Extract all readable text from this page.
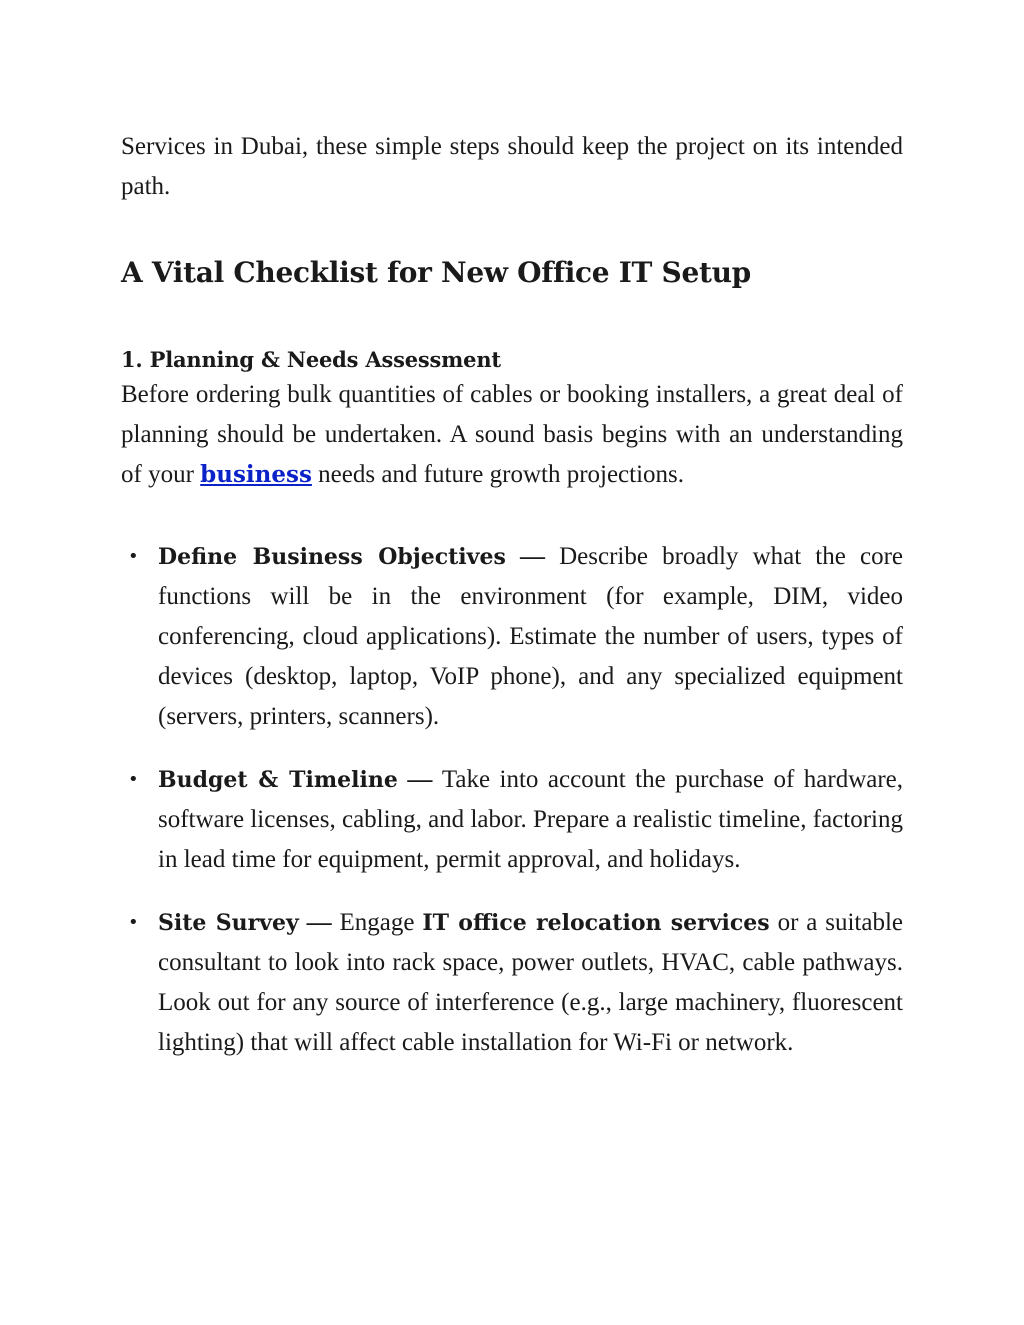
Services in Dubai, these simple steps should keep the project on its intended path.

A Vital Checklist for New Office IT Setup
1. Planning & Needs Assessment

Before ordering bulk quantities of cables or booking installers, a great deal of planning should be undertaken. A sound basis begins with an understanding of your business needs and future growth projections.

• Define Business Objectives — Describe broadly what the core functions will be in the environment (for example, DIM, video conferencing, cloud applications). Estimate the number of users, types of devices (desktop, laptop, VoIP phone), and any specialized equipment (servers, printers, scanners).

• Budget & Timeline — Take into account the purchase of hardware, software licenses, cabling, and labor. Prepare a realistic timeline, factoring in lead time for equipment, permit approval, and holidays.

• Site Survey — Engage IT office relocation services or a suitable consultant to look into rack space, power outlets, HVAC, cable pathways. Look out for any source of interference (e.g., large machinery, fluorescent lighting) that will affect cable installation for Wi-Fi or network.
